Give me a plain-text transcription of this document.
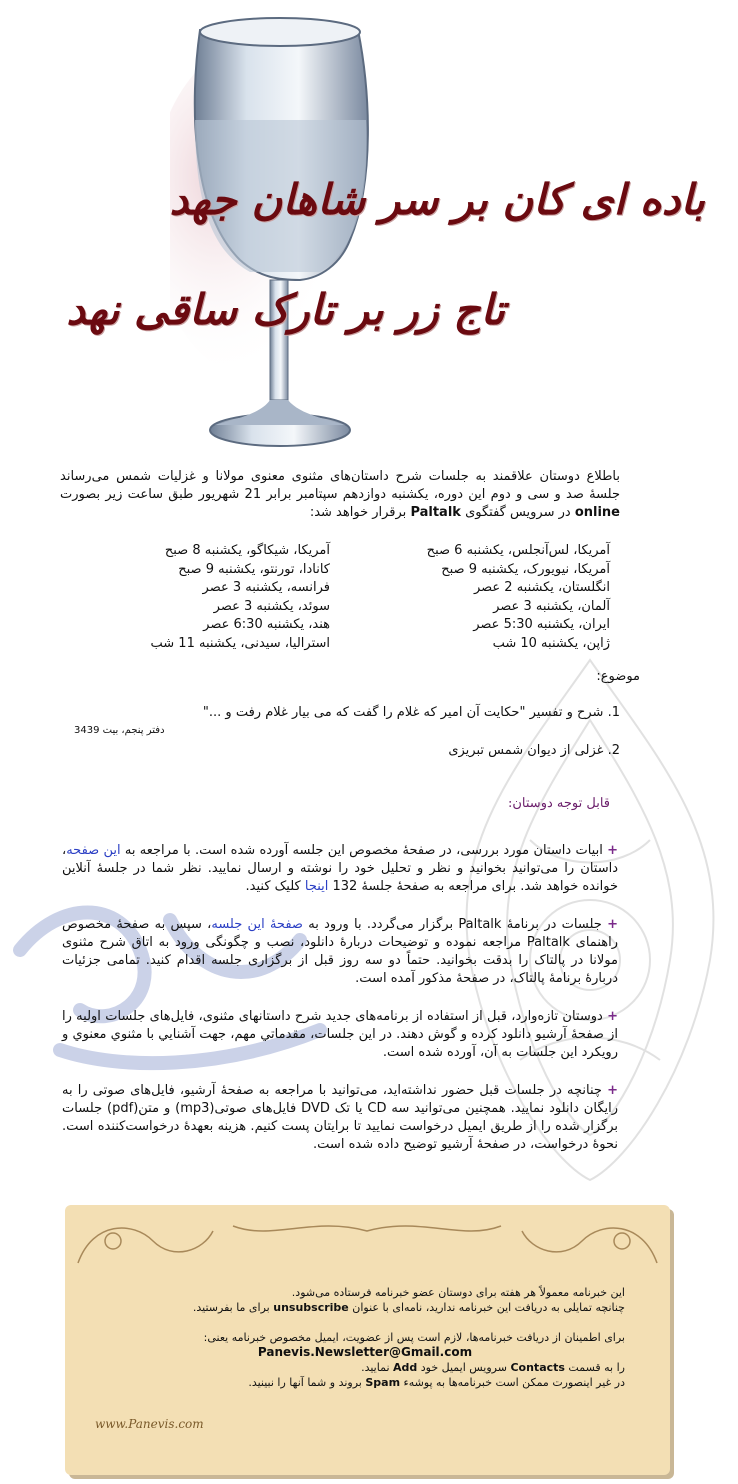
باده ای کان بر سر شاهان جهد
تاج زر بر تارک ساقی نهد
باطلاع دوستان علاقمند به جلسات شرح داستان‌های مثنوی معنوی مولانا و غزلیات شمس می‌رساند جلسهٔ صد و سی و دوم این دوره، یکشنبه دوازدهم سپتامبر برابر 21 شهریور طبق ساعت زیر بصورت online در سرویس گفتگوی Paltalk برقرار خواهد شد:
آمریکا، لس‌آنجلس، یکشنبه 6 صبح
آمریکا، نیویورک، یکشنبه 9 صبح
انگلستان، یکشنبه 2 عصر
آلمان، یکشنبه 3 عصر
ایران، یکشنبه 5:30 عصر
ژاپن، یکشنبه 10 شب
آمریکا، شیکاگو، یکشنبه 8 صبح
کانادا، تورنتو، یکشنبه 9 صبح
فرانسه، یکشنبه 3 عصر
سوئد، یکشنبه 3 عصر
هند، یکشنبه 6:30 عصر
استرالیا، سیدنی، یکشنبه 11 شب
موضوع:
1. شرح و تفسیر "حکایت آن امیر که غلام را گفت که می بیار غلام رفت و ..."
دفتر پنجم، بیت 3439
2. غزلی از دیوان شمس تبریزی
قابل توجه دوستان:

+ ابیات داستان مورد بررسی، در صفحهٔ مخصوص این جلسه آورده شده است. با مراجعه به این صفحه، داستان را می‌توانید بخوانید و نظر و تحلیل خود را نوشته و ارسال نمایید. نظر شما در جلسهٔ آنلاین خوانده خواهد شد. برای مراجعه به صفحهٔ جلسهٔ 132 اینجا کلیک کنید.

+ جلسات در برنامهٔ Paltalk برگزار می‌گردد. با ورود به صفحهٔ این جلسه، سپس به صفحهٔ مخصوص راهنمای Paltalk مراجعه نموده و توضیحات دربارهٔ دانلود، نصب و چگونگی ورود به اتاق شرح مثنوی مولانا در پالتاک را بدقت بخوانید. حتماً دو سه روز قبل از برگزاری جلسه اقدام کنید. تمامی جزئیات دربارهٔ برنامهٔ پالتاک، در صفحهٔ مذکور آمده است.

+ دوستان تازه‌وارد، قبل از استفاده از برنامه‌های جدید شرح داستانهای مثنوی، فایل‌های جلسات اولیه را از صفحهٔ آرشیو دانلود کرده و گوش دهند. در این جلسات، مقدماتي مهم، جهت آشنايي با مثنوي معنوي و رويکرد اين جلسات به آن، آورده شده است.

+ چنانچه در جلسات قبل حضور نداشته‌اید، می‌توانید با مراجعه به صفحهٔ آرشیو، فایل‌های صوتی را به رایگان دانلود نمایید. همچنین می‌توانید سه CD یا تک DVD فایل‌های صوتی(mp3) و متن(pdf) جلسات برگزار شده را از طریق ایمیل درخواست نمایید تا برایتان پست کنیم. هزینه بعهدهٔ درخواست‌کننده است. نحوهٔ درخواست، در صفحهٔ آرشیو توضیح داده شده است.

این خبرنامه معمولاً هر هفته برای دوستان عضو خبرنامه فرستاده می‌شود.
چنانچه تمایلی به دریافت این خبرنامه ندارید، نامه‌ای با عنوان unsubscribe برای ما بفرستید.
برای اطمینان از دریافت خبرنامه‌ها، لازم است پس از عضویت، ایمیل مخصوص خبرنامه یعنی:
Panevis.Newsletter@Gmail.com
را به قسمت Contacts سرویس ایمیل خود Add نمایید.
در غیر اینصورت ممکن است خبرنامه‌ها به پوشهء Spam بروند و شما آنها را نبینید.
www.Panevis.com
